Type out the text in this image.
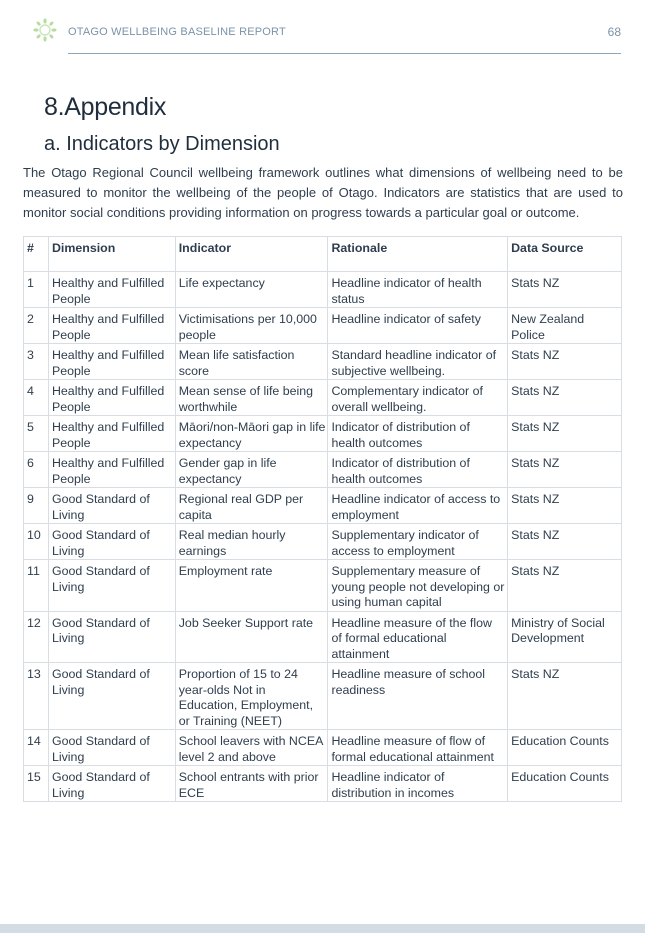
OTAGO WELLBEING BASELINE REPORT	68
8.Appendix
a. Indicators by Dimension

The Otago Regional Council wellbeing framework outlines what dimensions of wellbeing need to be measured to monitor the wellbeing of the people of Otago. Indicators are statistics that are used to monitor social conditions providing information on progress towards a particular goal or outcome.

#	Dimension	Indicator	Rationale	Data Source
1	Healthy and Fulfilled People	Life expectancy	Headline indicator of health status	Stats NZ
2	Healthy and Fulfilled People	Victimisations per 10,000 people	Headline indicator of safety	New Zealand Police
3	Healthy and Fulfilled People	Mean life satisfaction score	Standard headline indicator of subjective wellbeing.	Stats NZ
4	Healthy and Fulfilled People	Mean sense of life being worthwhile	Complementary indicator of overall wellbeing.	Stats NZ
5	Healthy and Fulfilled People	Māori/non-Māori gap in life expectancy	Indicator of distribution of health outcomes	Stats NZ
6	Healthy and Fulfilled People	Gender gap in life expectancy	Indicator of distribution of health outcomes	Stats NZ
9	Good Standard of Living	Regional real GDP per capita	Headline indicator of access to employment	Stats NZ
10	Good Standard of Living	Real median hourly earnings	Supplementary indicator of access to employment	Stats NZ
11	Good Standard of Living	Employment rate	Supplementary measure of young people not developing or using human capital	Stats NZ
12	Good Standard of Living	Job Seeker Support rate	Headline measure of the flow of formal educational attainment	Ministry of Social Development
13	Good Standard of Living	Proportion of 15 to 24 year-olds Not in Education, Employment, or Training (NEET)	Headline measure of school readiness	Stats NZ
14	Good Standard of Living	School leavers with NCEA level 2 and above	Headline measure of flow of formal educational attainment	Education Counts
15	Good Standard of Living	School entrants with prior ECE	Headline indicator of distribution in incomes	Education Counts
